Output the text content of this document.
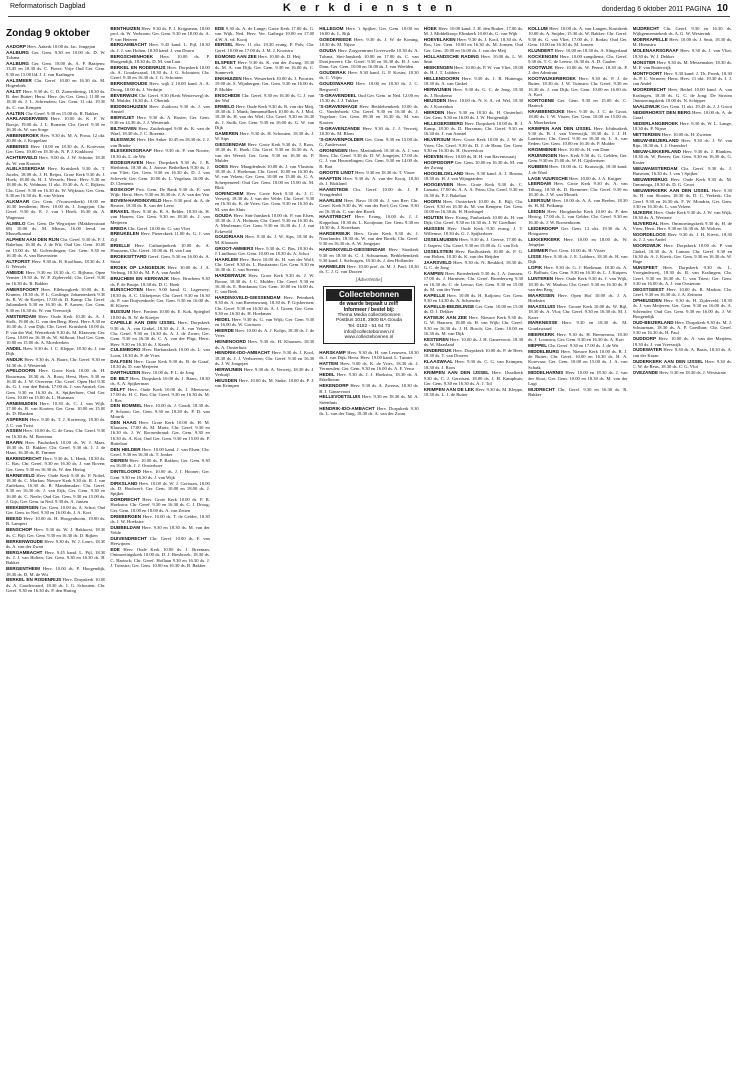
Reformatorisch Dagblad	K e r k d i e n s t e n	donderdag 6 oktober 2011 PAGINA 10
Zondag 9 oktober

AADORP Herv. Aakerk 10.00 ds. Jac. Jongejan

AALBURG Ger. Gem. 9.30 en 19.00 ds. D. W. Tolsma

AALBURG Ger. Gem. 18.00 ds. A. P. Baaijens; 13.45 en 18.30 ds. C. Pieter; Vrije Oud Ger. Gem. 9.30 en 15.00 lfd. J. J. van Kralingen

AALSMEER Chr. Geref. 10.00 en 16.30 ds. M. Hogenbirk

AALST Herv. 9.30 ds. C. D. Zomerdering, 18.30 ds. B. den Butter; Herst. Herv. (in Ger. Gem.) 11.00 en 18.30 ds. J. L. Schreuders; Ger. Gem. 11 okt. 19.30 ds. C. van Kempen

AALTEN Chr. Geref. 9.30 en 15.00 ds. R. Bakker

AARLANDERVEEN Herv. 10.00 ds. K. F. W. Borsje, 19.00 ds. J. L. Romein; Chr. Geref. 9.30 en 16.30 ds. W. van Sorge

ABBENBROEK Herv. 9.30 ds. M. A. Prosa, 12 okt. 20.00 ds. J. Koppelaar

ABBENES Herv. 10.00 en 18.30 ds. A. Korevaar; Ger. Gem. 10.00 en 18.30 ds. N. P. J. Kinkhorst

ACHTERVELD Herv. 9.00 ds. J. W. Schutte; 18.30 ds. W. van Kooten

ALBLASSERDAM Herv. Kruiskerk 9.30 ds. T. Jacobs, 18.00 ds. J. H. Reijns, Grote Kerk 9.30 ds. J. Hoek; 18.00 ds. H. J. Wessels; Herst. Herv. 9.30 en 18.00 ds. K. Veldman; 11 okt. 19.30 ds. A. C. Rijkers; Chr. Geref. 9.30 en 16.30 ds. W. Wijkstra; Ger. Gem. 9.30 en 16.30 ds. B. van Velzen

ALKMAAR Ger. Gem. (Vrouwenkerk) 10.00 en 16.30 leesdienst; Herv. 10.00 ds. J. Jongejan; Chr. Geref. 9.30 ds. E. J. van 't Hoeft, 16.30 ds. A. Wagenaar

ALMELO Ger. Gem. De Wegwijzer (Makkersstraat 68) 10.00 ds. M. Mieras, 16.00 leesd. en Musselkanaal

ALPHEN AAN DEN RIJN Chr. Geref. 9.30 ds. P. J. Bakelaar, 16.30 ds. J. de Wit; Oud Ger. Gem. 10.00 en 15.00 ds. M. Golverdingen; Ger. Gem. 9.30 en 16.30 ds. A. van Ravenstein

ALTFORST Herv. 9.30 ds. B. Koolhaas, 18.30 ds. J. G. Wessels

AMEIDE Herv. 9.30 en 18.30 ds. C. Bijlsma, Open Venster 19.30 ds. W. P. Zijderveld; Chr. Geref. 9.30 en 16.30 ds. R. Bakker

AMERSFOORT Herv. Elleboogkerk 10.00 ds. E. Kramer, 18.30 ds. P. L. Goslinga; Johanneskerk 9.30 ds. R. W. de Koeijer, 17.00 ds. D. Kamp; Chr. Geref. Julianakerk 9.30 en 16.30 ds. P. Aarsen; Ger. Gem. 9.30 en 16.30 ds. W. van Vreeswijk

AMSTERDAM Herv. Oude Kerk 10.30 ds. A. J. Stolk, 19.00 ds. G. van den Berg; Herst. Herv. 9.30 en 16.30 ds. J. van Dijk; Chr. Geref. Kruiskerk 10.00 ds. P. van der Wal, Westerkerk 9.30 ds. M. Klaassen; Ger. Gem. 10.00 en 16.30 ds. W. Silfhout; Oud Ger. Gem. 10.00 en 15.00 ds. A. Moerkerken

ANDEL Herv. 9.30 ds. J. C. Kleppe, 18.30 ds. J. van Dijk

ANDIJK Herv. 9.30 ds. A. Baars; Chr. Geref. 9.30 en 14.30 ds. J. Westerink

APELDOORN Herv. Grote Kerk 10.00 ds. H. Bouwman, 18.30 ds. A. Roos; Herst. Herv. 9.30 en 16.30 ds. J. W. Overeem; Chr. Geref. Open Hof 9.30 ds. G. J. van den Brink, 17.00 ds. J. van Amstel; Ger. Gem. 9.30 en 16.30 ds. A. Spijkerboer; Oud Ger. Gem. 10.00 en 15.00 ds. L. Huisman

ARNEMUIDEN Herv. 10.30 ds. C. J. van Wijk, 17.00 ds. R. van Kooten; Ger. Gem. 10.00 en 15.00 ds. D. Blanken

ASPEREN Herv. 9.30 ds. T. J. Korteweg, 18.30 ds. J. C. van Twist

ASSEN Herv. 10.00 ds. G. de Geus; Chr. Geref. 9.30 en 16.30 ds. M. Boersma

BAARN Herv. Pauluskerk 10.00 ds. W. J. Maas, 18.30 ds. D. Bakker; Chr. Geref. 9.30 ds. J. J. de Haan, 16.30 ds. R. Timmer

BARENDRECHT Herv. 9.30 ds. L. Henk, 18.30 ds. C. Bas; Chr. Geref. 9.30 en 16.30 ds. J. van Boven; Ger. Gem. 9.30 en 16.30 ds. W. den Hertog

BARNEVELD Herv. Oude Kerk 9.30 ds. P. Nobel, 18.30 ds. C. Markus; Nieuwe Kerk 9.30 ds. R. J. van Zuilekom, 16.30 ds. B. Mandemaker; Chr. Geref. 9.30 en 16.30 ds. J. van Eijk; Ger. Gem. 9.30 en 16.00 ds. C. Neele; Oud Ger. Gem. 9.30 en 15.00 ds. J. Gijs; Ger. Gem. in Ned. 9.30 ds. A. Jansen

BEEKBERGEN Ger. Gem. 10.00 ds. A. Schot; Oud Ger. Gem. in Ned. 9.30 en 16.00 ds. J. A. Kort

BEESD Herv. 10.00 ds. H. Hoogenboom, 19.00 ds. B. Lampert

BENSCHOP Herv. 9.30 ds. W. J. Rakhorst, 18.30 ds. C. Bijl; Ger. Gem. 9.30 en 16.30 ds. D. Rijken

BERKENWOUDE Herv. 9.30 ds. W. J. Leurs, 18.30 ds. A. van der Zwan

BERGAMBACHT Herv. 9.45 kand. L. Pijl, 18.30 ds. J. J. van Holten; Ger. Gem. 9.30 en 16.30 ds. B. Bakker

BERGENTHEIM Herv. 10.00 ds. P. Hoogendijk, 18.30 ds. D. M. de Wit

BERKEL EN RODENRIJS Herv. Dorpskerk 10.00 ds. A. Goudzwaard, 18.30 ds. J. G. Schouten; Chr. Geref. 9.30 en 16.30 ds. P. den Hartog

BENTHUIZEN Herv. 9.30 ds. P. J. Krijgsman, 18.00 prof. dr. W. Verboom; Ger. Gem. 9.30 en 18.00 ds. A. F. van Heteren

BERGAMBACHT Herv. 9.45 kand. L. Pijl, 18.30 ds. J. J. van Holten, 18.30 kand. J. van Doorn

BERGSCHENHOEK Herv. 10.00 ds. P. Hoogendijk, 18.30 ds. D. M. van Laar

BERKEL EN RODENRIJS Herv. Dorpskerk 10.00 ds. A. Goudzwaard, 18.30 ds. J. G. Schouten; Chr. Geref. 9.30 en 16.30 ds. J. G. Schouten

BERKENWOUDE Herv. wijk 2 10.00 kand. A. A. Droog, 18.00 ds. J. Verduijn

BEVERWIJK Chr. Geref. 9.30 (Kerk Westerweg) ds. M. Mulder, 16.30 ds. J. Oberink

BIDDINGHUIZEN Herv. Zuidoost 9.30 ds. J. van Amstel

BIERVLIET Herv. 9.30 ds. A. Rosier; Ger. Gem. 9.30 en 14.30 ds. J. J. Westerink

BILTHOVEN Herv. Zuiderkapel 9.00 ds. K. van de Waal, 18.30 ds. J. C. Rozema

BLEISWIJK Herv. Het Anker 10.45 en 18.30 ds. J. J. van Brinke

BLESKENSGRAAF Herv. 9.30 ds. P. van Noorte, 18.30 ds. L. de Wit

BODEGRAVEN Herv. Dorpskerk 9.30 ds. J. B. Hietbrink, 18.30 ds. J. Joosse; Bethelkerk 9.30 ds. J. van Vliet; Ger. Gem. 9.30 en 16.30 ds. D. J. van Schevelt; Ger. Gem. 10.00 ds. L. Vogelaar, 16.00 ds. D. Clements

BOSKOOP Prot. Gem. De Rank 9.30 ds. E. van Wijk; Herst. Herv. 9.30 en 16.30 ds. J. A. van der Ven

BOVEN-HARDINXVELD Herv. 9.30 prof. dr. A. de Reuver, 18.30 ds. R. van der Leest

BRAKEL Herv. 9.30 ds. B. A. Belder, 18.30 ds. H. van Haaren; Ger. Gem. 9.30 en 18.30 ds. J. van Meijeren

BREDA Chr. Geref. 10.00 ds. G. van Vliet

BREUKELEN Herv. Pieterskerk 11.00 ds. G. J. van Zijl

BRIELLE Herv. Catharijnekerk 10.00 ds. A. Hanssens, Chr. Geref. 10.00 ds. H. van Laar

BROEKSITTARD Geref. Gem. 9.30 en 16.00 ds. A. Stuut

BROEK OP LANGEDIJK Herv. 10.00 ds. J. A. Verburg, 18.30 ds. M. P. A. van Andel

BRUCHEM EN KERKWIJK Herv. Bruchem 9.30 ds. P. de Bruijn, 18.30 ds. D. C. Hoek

BUNSCHOTEN Herv. 9.00 kand. G. Lagerwey, 18.30 ds. A. C. Uitbeijerse; Chr. Geref. 9.30 en 16.30 ds. P. van Duijvenbode; Ger. Gem. 9.30 en 16.00 ds. H. Klaver

BUSSUM Herv. Fontein 10.00 ds. E. Kok, Spieghel 10.00 ds. R. W. de Koeijer

CAPELLE AAN DEN IJSSEL Herv. Dorpskerk 9.30 ds. A. van Ginkel, 18.30 ds. J. A. van Velzen; Chr. Geref. 9.30 en 16.30 ds. A. J. de Zwart; Ger. Gem. 9.30 en 16.30 ds. C. A. van der Pligt; Herst. Herv. 9.30 en 16.30 ds. J. Karels

CULEMBORG Herv. Barbarakerk 10.00 ds. L. van Loon, 18.30 ds. P. de Vries

DALFSEN Herv. Grote Kerk 9.30 ds. B. de Graaf, 18.30 ds. D. van Meijeren

DARTHUIZEN Herv. 10.00 ds. P. L. de Jong

DE BILT Herv. Dorpskerk 10.00 ds. J. Baars, 18.30 ds. A. A. Spijkerman

DELFT Herv. Oude Kerk 10.00 ds. J. Meeuwse, 17.00 ds. H. C. Bos; Chr. Geref. 9.30 en 16.30 ds. M. J. Bos

DEN BOMMEL Herv. 10.00 ds. J. Goudt, 18.30 ds. P. Schoon; Ger. Gem. 9.30 en 18.30 ds. P. D. van Mourik

DEN HAAG Herv. Grote Kerk 10.00 ds. H. M. Klaassen, 17.00 ds. M. Maris; Chr. Geref. 9.30 en 16.30 ds. J. W. Roosenbrand; Ger. Gem. 9.30 en 16.30 ds. A. Kot; Oud Ger. Gem. 9.30 en 15.00 ds. P. Buitelaar

DEN HELDER Herv. 10.00 kand. J. van Elsen; Chr. Geref. 9.30 en 16.30 ds. T. Jonker

DIEREN Herv. 10.00 ds. P. Bakkes; Ger. Gem. 9.30 en 16.00 ds. J. J. Oosterboer

DINTELOORD Herv. 10.00 ds. J. I. Hooner; Ger. Gem. 9.30 en 16.30 ds. J. van Wijk

DIRKSLAND Herv. 10.00 ds. W. J. Gorissen, 18.00 ds. D. Hoolwerf; Ger. Gem. 10.00 en 18.00 ds. J. Spijker

DORDRECHT Herv. Grote Kerk 10.00 ds. P. B. Hoekstra; Chr. Geref. 9.30 en 16.30 ds. C. J. Droog; Ger. Gem. 10.00 en 18.00 ds. A. van Zetten

DRIEBERGEN Herv. 10.00 ds. T. de Gelder, 18.30 ds. J. W. Hoekstra

DUBBELDAM Herv. 9.30 en 18.30 ds. M. van der Velde

DUIVENDRECHT Chr. Geref. 10.00 ds. F. van Herwijnen

EDE Herv. Oude Kerk 10.00 ds. J. Breeman, Ontmoetingskerk 10.00 ds. D. J. Biesbroek, 18.30 ds. C. Harinck; Chr. Geref. Hoflaan 9.30 en 16.30 ds. J. J. Tuinstra; Ger. Gem. 10.00 en 16.30 ds. B. Bakker

EDE 9.30 ds. A. de Lange; Grote Kerk 17.00 ds. G. van Wijk, Ned. Herv. Ver. Gathega 10.00 en 17.00 d.W. A. vd. Kooij

EERSEL Herv. 11 okt. 19.30 evang. P. Pols; Chr. Geref. 10.00 en 17.00 ds. J. M. J. Kooistra

EGMOND AAN ZEE Herv. 10.00 ds. D. Heij

ELSPEET Herv. 9.30 ds. K. van der Zwaag, 18.30 ds. M. A. van Dijk; Ger. Gem. 9.30 en 16.00 ds. C. Sonnevelt

ENKHUIZEN Herv. Westerkerk 10.00 ds. J. Poortier, 19.00 ds. S. Wijnbergen; Ger. Gem. 9.30 en 16.00 ds. P. Mulder

ENSCHEDE Chr. Geref. 9.30 en 16.30 ds. G. J. van der Wal

ERMELO Herv. Oude Kerk 9.30 ds. R. van der Meij, 18.30 ds. J. Munk; Immanuëlkerk 10.00 ds. A. J. Mol, 18.30 ds. H. van der Wiel; Chr. Geref. 9.30 en 16.30 ds. J. Stolk; Ger. Gem. 9.30 en 16.00 ds. G. W. van Dijk

GAMEREN Herv. 9.30 ds. H. Schouten, 18.30 ds. J. W. Sips

GIESSENDAM Herv. Grote Kerk 9.30 ds. J. Roos, 18.30 ds. E. Hoek; Chr. Geref. 9.30 en 16.30 ds. A. van der Weerd; Ger. Gem. 9.30 en 16.30 ds. P. Mulder

GOES Herv. Maagdenhuis 10.00 ds. J. van Vlastuin, 18.30 ds. J. Hoekman; Chr. Geref. 10.00 en 16.30 ds. W. van Velzen; Ger. Gem. 10.00 en 15.00 ds. C. A. Scherpenzeel; Oud Ger. Gem. 10.00 en 15.00 ds. M. Blok

GORINCHEM Herv. Grote Kerk 9.30 ds. J. C. Verweij, 18.30 ds. J. van der Velde; Chr. Geref. 9.30 en 16.30 ds. K. de Vries; Ger. Gem. 9.30 en 16.30 ds. M. van der Sluis

GOUDA Herv. Sint-Janskerk 10.00 ds. P. van Elsen, 18.30 ds. J. A. Hofman; Chr. Geref. 9.30 en 16.30 ds. A. Meuleman; Ger. Gem. 9.30 en 16.30 ds. J. J. van Eckeveld

GOUDRIAAN Herv. 9.30 ds. J. W. Sips, 18.30 ds. M. Klaassen

GROOT-AMMERS Herv. 9.30 ds. C. Bas, 18.30 ds. J. Lindhout; Ger. Gem. 10.00 en 18.30 ds. A. Schot

HAARLEM Herv. Bavo 10.00 ds. H. van der Wolf; Chr. Geref. 9.30 ds. L. Bastiaanse; Ger. Gem. 9.30 en 16.30 ds. C. van Steenis

HARDERWIJK Herv. Grote Kerk 9.30 ds. J. W. Boone, 18.30 ds. J. C. Mulder; Chr. Geref. 9.30 en 16.30 ds. E. Brinkman; Ger. Gem. 10.00 en 16.00 ds. C. van Beek

HARDINXVELD-GIESSENDAM Herv. Petrakerk 9.30 ds. A. van Ravenswaaij, 18.30 ds. F. Gijsbertsen; Chr. Geref. 9.30 en 16.30 ds. A. J. Groen; Ger. Gem. 9.30 en 16.30 ds. H. Hoekman

HEDEL Herv. 9.30 ds. G. van Wijk; Ger. Gem. 9.30 en 16.00 ds. W. Gorissen

HEERDE Herv. 10.00 ds. A. J. Kolijn, 18.30 ds. J. de Vries

HEINENOORD Herv. 9.30 ds. H. Klaassen, 18.30 ds. A. Oosterhuis

HENDRIK-IDO-AMBACHT Herv. 9.30 ds. J. Kool, 18.30 ds. J. J. Verhoeven; Chr. Geref. 9.30 en 16.30 ds. J. W. Jongejan

HERWIJNEN Herv. 9.30 ds. A. Verweij, 18.30 ds. J. Verkuijl

HEUSDEN Herv. 10.00 ds. M. Sinke, 18.00 ds. P. J. van Krimpen

HILLEGOM Herv. 't Spijker, Ger. Gem. 10.00 en 16.00 ds. L. Rijk

GOEDEREEDE Herv. 9.30 ds. J. W. de Koning, 18.30 ds. M. Nijsse

GOUDA Herv. Zorgcentrum Goverwelle 10.30 ds. A. Talsma, Sint-Janskerk 10.00 en 17.00 ds. C. van Dooijeweert; Chr. Geref. 9.30 en 16.30 ds. H. J. van Dam; Ger. Gem. 10.00 en 16.00 ds. J. van Weelden

GOUDERAK Herv. 9.30 kand. G. P. Koster, 18.30 ds. C. Vlijm

GOUDSWAARD Herv. 10.00 en 18.30 ds. J. C. Bergwerff

'S-GRAVENDEEL Oud Ger. Gem. in Ned. 12.00 en 15.30 ds. J. J. Tukker

'S-GRAVENHAGE Herv. Bethlehemkerk 10.00 ds. G. Vanderhoek; Chr. Geref. 9.30 en 16.30 ds. J. Vogelaar; Ger. Gem. 09.30 en 16.30 ds. M. van Kooten

'S-GRAVENZANDE Herv. 9.30 ds. J. J. Verweij, 18.30 ds. M. Blom

'S-GRAVENPOLDER Ger. Gem. 9.30 en 15.00 ds. G. Zuidervaart

GRONINGEN Herv. Martinikerk 10.30 ds. A. J. van Rees; Chr. Geref. 9.30 ds. D. W. Jongejan, 17.00 ds. G. J. van Houwelingen; Ger. Gem. 9.30 en 14.00 ds. R. Bart

GROOTE LINDT Herv. 9.30 en 18.30 ds. T. Visser

HAAFTEN Herv. 9.30 ds. A. van der Kooij, 18.30 ds. J. Blokland

HAAMSTEDE Chr. Geref. 10.00 ds. J. P. Vreugdenhil

HAARLEM Herv. Bavo 10.00 ds. J. van Ree; Chr. Geref. Kerk 9.30 ds. W. van der Poel; Ger. Gem. 9.30 en 16.30 ds. C. van den Broek

HAASTRECHT Herv. Evang. 10.00 ds. J. J. Koppelaar, 18.30 ds. L. Kooijman; Ger. Gem. 9.30 en 16.30 ds. J. Kortekaas

HARDERWIJK Herv. Grote Kerk 9.30 ds. J. Noorlander, 18.30 ds. W. van den Broek; Chr. Geref. 9.30 en 16.30 ds. A. W. Jongejan

HARDINXVELD-GIESSENDAM Herv. Sionkerk 9.30 en 18.30 ds. C. J. Schuurman, Bethlehemkerk 9.30 kand. J. Stelwagen, 18.30 ds. J. den Hollander

HARMELEN Herv. 10.00 prof. dr. M. J. Paul, 18.30 ds. C. J. G. van Dooren

[Advertentie]
Collectebonnen
de waarde bepaalt u zelf!
Informeer / bestel bij:
Thema Media collectebonnen
Postbus 1016, 2800 BA Gouda
Tel. 0182 - 51 64 73
info@collectebonnen.nl
www.collectebonnen.nl

HARSKAMP Herv. 9.30 ds. H. van Leeuwen, 18.30 ds. J. van Dijk; Herst. Herv. 19.00 kand. L. Tuinier

HATTEM Herv. 9.00 ds. K. de Vries, 18.30 ds. J. Vermeulen; Ger. Gem. 9.30 en 16.00 ds. A. F. Verra

HEDEL Herv. 9.30 ds. J. J. Hoekstra, 18.30 ds. A. Eikelboom

HEKENDORP Herv. 9.30 ds. A. Zwerus, 18.30 ds. B. J. Ganzevoort

HELLEVOETSLUIS Herv. 9.30 en 18.30 ds. M. A. Steenhuis

HENDRIK-IDO-AMBACHT Herv. Dorpskerk 9.30 ds. L. van der Tang, 18.30 ds. A. van der Zwan

HOEK Herv. 10.00 kand. J. H. den Braber, 17.00 ds. M. J. Middelkoop; Elimkerk 10.00 ds. G. van Wijk

HOEVELAKEN Herv. 9.30 ds. J. Kool, 18.30 ds. A. Bos; Ger. Gem. 10.00 en 16.30 ds. M. Jonsen; Oud Ger. Gem. 10.00 en 16.00 ds. J. van der Meij

HOLLANDSCHE RADING Herv. 10.00 ds. L. W. Smit

HEEKENGEN Herv. 10.00 ds. P. W. van Vliet, 18.00 ds. H. J. T. Lubbers

HELLENDOORN Herv. 9.30 ds. J. B. Huttenga, 18.30 ds. A. van Ginkel

HERWIJNEN Herv. 9.30 ds. G. C. de Jong, 18.30 ds. J. Boukema

HEUSDEN Herv. 10.00 ds. N. S. A. vd. Wel, 18.30 ds. J. Kortenbos

HIERDEN Herv. 9.30 en 18.30 ds. H. Oosterhof; Ger. Gem. 9.30 en 16.00 ds. J. W. Hoogendijk

HILLEGERSBERG Herv. Dorpskerk 10.00 ds. R. J. Kamp, 18.30 ds. D. Horsman; Chr. Geref. 9.30 en 16.30 ds. J. van Amstel

HILVERSUM Herv. Grote Kerk 10.00 ds. J. W. de Vries; Chr. Geref. 9.30 ds. D. J. de Haan; Ger. Gem. 9.30 en 16.30 ds. H. Ouwersloot

HOEVEN Herv. 10.00 ds. H. H. van Ravenswaaij

HOOFDDORP Ger. Gem. 10.00 en 16.30 ds. M. van der Zwaag

HOOGBLOKLAND Herv. 9.30 kand. A. J. Bosma, 18.30 ds. H. J. van Wijngaarden

HOOGEVEEN Herv. Grote Kerk 9.30 ds. C. Lamain, 17.00 ds. A. A. A. Prins; Chr. Geref. 9.30 en 16.30 ds. P. J. Bakelaar

HOORN Herv. Oosterkerk 10.00 ds. E. Bijl; Chr. Geref. 9.30 en 16.30 ds. M. van Kempen; Ger. Gem. 10.00 en 16.30 ds. H. Hoefnagel

HOUTEN Herv. Evang. Pauluskerk 10.00 ds. H. van Dijk; Chr. Geref. 9.30 en 16.30 ds. J. W. Goedhart

HUISSEN Herv. Oude Kerk 9.30 evang. J. T. Willemse, 18.30 ds. G. J. Spijkerboer

IJSSELMUIDEN Herv. 9.30 ds. J. Geerse, 17.00 ds. J. Jaspers; Chr. Geref. 9.30 en 15.00 ds. G. van Eck

IJSSELSTEIN Herv. Basiliuskerk 10.00 ds. P. G. van Holten, 18.30 ds. K. van der Heijden

JAARSVELD Herv. 9.30 ds. N. Beukhof, 18.30 ds. G. C. de Jong

KAMPEN Herv. Broederkerk 9.30 ds. J. A. Janssen, 17.00 ds. J. Harmsen; Chr. Geref. Broederweg 9.30 en 16.30 ds. C. de Leeuw; Ger. Gem. 9.30 en 15.00 ds. M. van der Veen

KAPELLE Herv. 10.00 ds. H. Kaljouw; Ger. Gem. 9.30 en 14.30 ds. A. Schreuder

KAPELLE-BIEZELINGE Ger. Gem. 10.00 en 15.00 ds. D. J. Dekker

KATWIJK AAN ZEE Herv. Nieuwe Kerk 9.30 ds. G. W. Baarsen, 18.00 ds. H. van Wijk; Chr. Geref. 9.30 en 16.30 ds. J. H. Bosch; Ger. Gem. 10.00 en 16.30 ds. M. van Dijk

KESTEREN Herv. 10.00 ds. J. H. Ganzevoort, 18.30 ds. W. Maasland

KINDERDIJK Herv. Dorpskerk 10.00 ds. P. de Heer, 18.30 ds. T. van Dooren

KLAASWAAL Herv. 9.30 ds. C. G. van Krimpen, 18.30 ds. J. Roos

KRIMPEN AAN DEN IJSSEL Herv. IJsselkerk 9.30 ds. C. J. Gerritsen, 18.00 ds. J. H. Kamphuis; Ger. Gem. 9.30 en 16.30 ds. A. J. Tol

KRIMPEN AAN DE LEK Herv. 9.30 ds. M. Kleppe, 18.30 ds. L. J. de Ruiter

KOLLUM Herv. 10.00 ds. A. van Langen, Kruiskerk 10.00 ds. A. Snijder, 15.30 ds. W. Bakker; Chr. Geref. 9.30 ds. G. van Vliet, 17.00 ds. J. Rodas; Oud Ger. Gem. 10.00 en 16.30 ds. M. Jonsen

KLUNDERT Herv. 10.00 en 18.30 ds. A. Slingerland

KOCKENGEN Herv. 10.00 zangdienst; Chr. Geref. 9.30 ds. T. C. de Leeuw, 16.30 ds. A. D. Gaalen

KOOTWIJK Herv. 10.00 ds. W. Penne, 18.30 ds. P. J. den Admirant

KOOTWIJKERBROEK Herv. 9.30 ds. P. J. de Ruiter, 18.30 ds. J. W. Tuinstra; Chr. Geref. 9.30 en 16.30 ds. J. van Dijk; Ger. Gem. 10.00 en 16.00 ds. A. Kort

KORTGENE Ger. Gem. 9.30 en 15.00 ds. C. Harinck

KRABBENDIJKE Herv. 9.30 ds. J. C. de Groot, 18.00 ds. J. W. Visser; Ger. Gem. 10.00 en 15.00 ds. A. Moerkerken

KRIMPEN AAN DEN IJSSEL Herv. Ichthuskerk 9.30 ds. B. J. van Vreeswijk, 18.30 ds. J. J. H. Lamberts; Chr. Geref. 9.30 en 16.30 ds. L. A. van Eeden; Ger. Gem. 10.00 en 16.30 ds. P. Mulder

KROMMENIE Herv. 10.00 ds. H. van Dam

KRUININGEN Herv. Kerk 9.30 ds. G. Gelden; Ger. Gem. 9.30 en 15.00 ds. W. H. Gijsbertsen

KUBBEN Herv. 10.00 ds. G. Kruiswijk, 18.30 kand. J. de Waal

LAGE VUURSCHE Herv. 10.00 ds. J. A. Kuijper

LEERDAM Herv. Grote Kerk 9.30 ds. A. van Tilburg, 18.30 ds. D. Bremmer; Chr. Geref. 9.30 en 16.30 ds. J. W. van Mourik

LEERSUM Herv. 10.00 ds. A. A. van Beelen, 18.30 ds. H. M. Polkamp

LEIDEN Herv. Hooglandse Kerk 10.00 ds. P. den Hertog, 17.00 ds. L. van Gelder; Chr. Geref. 9.30 en 16.30 ds. J. W. Roosenboom

LEIDERDORP Ger. Gem. 12 okt. 19.30 ds. A. Hoogsteen

LEKKERKERK Herv. 10.00 en 18.00 ds. W. Jongejan

LEMMER Prot. Gem. 10.00 ds. H. Visser

LISSE Herv. 9.30 ds. J. E. Lubbers, 18.30 ds. H. van Dijk

LOPIK Herv. 9.30 ds. G. J. Hoekman, 18.30 ds. A. G. Bolhuis; Ger. Gem. 9.30 en 16.30 ds. L. J. Kuipers

LUNTEREN Herv. Oude Kerk 9.30 ds. J. van Wijk, 18.30 ds. W. Markus; Chr. Geref. 9.30 en 16.30 ds. P. van den Berg

MAARSSEN Herv. Open Hof 10.00 ds. J. A. Hoekstra

MAASSLUIS Herv. Groote Kerk 10.00 ds. W. Bijl, 18.30 ds. A. Vlot; Chr. Geref. 9.30 en 16.30 ds. M. J. Kater

MARKNESSE Herv. 9.30 en 18.30 ds. M. Goudzwaard

MEERKERK Herv. 9.30 ds. H. Riemersma, 18.30 ds. J. Loonstra; Ger. Gem. 9.30 en 16.30 ds. A. Kort

MEPPEL Chr. Geref. 9.30 en 17.00 ds. J. de Wit

MIDDELBURG Herv. Nieuwe Kerk 10.00 ds. R. J. de Ruiter; Chr. Geref. 10.00 en 16.30 ds. H. A. Korevaar; Ger. Gem. 10.00 en 15.00 ds. J. A. van Schaik

MIDDELHARNIS Herv. 10.00 en 18.30 ds. J. van der Sloot; Ger. Gem. 10.00 en 18.30 ds. M. van der Lugt

MIJDRECHT Chr. Geref. 9.30 en 16.30 ds. R. Bakker

MIJDRECHT Chr. Geref. 9.30 en 16.30 ds. Wijkgemeentekerk ds. A. G. W. Westerink

MOERKAPELLE Herv. 10.00 ds. J. Smit, 18.30 ds. M. Hiemstra

MOLENAARSGRAAF Herv. 9.30 ds. J. van Vliet, 18.30 ds. W. J. Dekker

MONSTER Herv. 9.30 ds. M. Messemaker, 18.30 ds. M. F. van Ruiterwijk

MONTFOORT Herv. 9.30 kand. J. Th. Pronk, 18.30 ds. P. C. Vermeer; Herst. Herv. 11 okt. 19.30 ds. J. J. van Andel

MOORDRECHT Herv. Bethel 10.00 kand. A. van Kralingen, 18.30 ds. G. C. de Jong; De Stroom Ontmoetingskerk 10.00 ds. N. Schipper

NAALDWIJK Ger. Gem. 11 okt. 19.45 ds. J. J. Groot

NEDERHORST DEN BERG Herv. 10.00 ds. A. de Graaf

NEDERLANGBROEK Herv. 9.30 ds. W. L. Lange, 18.30 ds. P. Nijsse

NETTERDEN Herv. 10.00 ds. H. Zwieten

NIEUW-BEIJERLAND Herv. 9.30 ds. J. W. van Rijn, 18.30 ds. J. J. Ostendorf

NIEUW-LEKKERLAND Herv. 9.30 ds. J. Blanken, 18.30 ds. W. Pieters; Ger. Gem. 9.30 en 16.30 ds. G. Koster

NIEUWAMSTERDAM Chr. Geref. 9.30 ds. J. Huisman, 16.30 ds. J. van 't Spijker

NIEUWERBRUG Herv. Oude Kerk 9.30 ds. M. Tamminga, 18.30 ds. D. G. Groot

NIEUWERKERK AAN DEN IJSSEL Herv. 9.30 ds. H. van Slooten, 18.30 ds. D. C. Verkerk; Chr. Geref. 9.30 en 16.30 ds. F. W. Mondria; Ger. Gem. 9.30 en 16.30 ds. L. van Velzen

NIJKERK Herv. Oude Kerk 9.30 ds. J. W. van Wijk, 18.30 ds. A. Westrate

NIJVERDAL Herv. Ontmoetingskerk 9.30 ds. H. de Vries; Herst. Herv. 9.30 en 16.30 ds. M. Wolters

NOORDELOOS Herv. 9.30 ds. J. H. Kievit, 18.30 ds. J. J. van Andel

NOORDWIJK Herv. Dorpskerk 10.00 ds. P. van Ginkel, 18.30 ds. A. Laman; Chr. Geref. 9.30 en 16.30 ds. A. J. Kievit; Ger. Gem. 9.30 en 16.30 ds. W. Hage

NUNSPEET Herv. Dorpskerk 9.30 ds. L. Vroegindeweij, 18.30 ds. R. van Kralingen; Chr. Geref. 9.30 en 16.30 ds. C. van Triest; Ger. Gem. 9.30 en 16.00 ds. A. J. van Oosterom

OEGSTGEEST Herv. 10.00 ds. R. Markus; Chr. Geref. 9.30 en 16.30 ds. J. A. Zeinstra

OPHEUSDEN Herv. 9.30 ds. H. Zijderveld, 18.30 ds. J. van Meijeren; Ger. Gem. 9.30 en 16.00 ds. A. Schreuder; Oud Ger. Gem. 9.30 en 16.00 ds. J. W. Hoogendijk

OUD-BEIJERLAND Herv. Dorpskerk 9.30 ds. M. J. Schuurman, 18.30 ds. A. P. Goedhart; Chr. Geref. 9.30 en 16.30 ds. H. Paul

OUDDORP Herv. 10.00 ds. A. van der Meijden, 18.30 ds. J. van Vreeswijk

OUDEWATER Herv. 9.30 ds. A. Baars, 18.30 ds. A. van der Kraan

OUDERKERK AAN DEN IJSSEL Herv. 9.30 ds. C. W. de Reus, 18.30 ds. C. G. Vlot

OVEZANDE Herv. 9.30 en 18.30 ds. J. Weststrate
